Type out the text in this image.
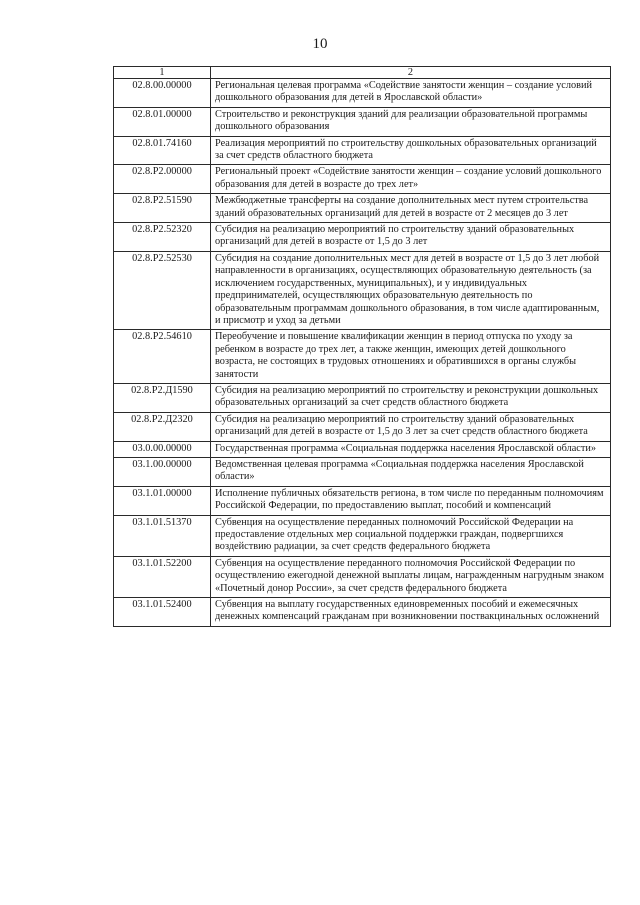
10
1	2
02.8.00.00000	Региональная целевая программа «Содействие занятости женщин – создание условий дошкольного образования для детей в Ярославской области»
02.8.01.00000	Строительство и реконструкция зданий для реализации образовательной программы дошкольного образования
02.8.01.74160	Реализация мероприятий по строительству дошкольных образовательных организаций за счет средств областного бюджета
02.8.P2.00000	Региональный проект «Содействие занятости женщин – создание условий дошкольного образования для детей в возрасте до трех лет»
02.8.P2.51590	Межбюджетные трансферты на создание дополнительных мест путем строительства зданий образовательных организаций для детей в возрасте от 2 месяцев до 3 лет
02.8.P2.52320	Субсидия на реализацию мероприятий по строительству зданий образовательных организаций для детей в возрасте от 1,5 до 3 лет
02.8.P2.52530	Субсидия на создание дополнительных мест для детей в возрасте от 1,5 до 3 лет любой направленности в организациях, осуществляющих образовательную деятельность (за исключением государственных, муниципальных), и у индивидуальных предпринимателей, осуществляющих образовательную деятельность по образовательным программам дошкольного образования, в том числе адаптированным, и присмотр и уход за детьми
02.8.P2.54610	Переобучение и повышение квалификации женщин в период отпуска по уходу за ребенком в возрасте до трех лет, а также женщин, имеющих детей дошкольного возраста, не состоящих в трудовых отношениях и обратившихся в органы службы занятости
02.8.P2.Д1590	Субсидия на реализацию мероприятий по строительству и реконструкции дошкольных образовательных организаций за счет средств областного бюджета
02.8.P2.Д2320	Субсидия на реализацию мероприятий по строительству зданий образовательных организаций для детей в возрасте от 1,5 до 3 лет за счет средств областного бюджета
03.0.00.00000	Государственная программа «Социальная поддержка населения Ярославской области»
03.1.00.00000	Ведомственная целевая программа «Социальная поддержка населения Ярославской области»
03.1.01.00000	Исполнение публичных обязательств региона, в том числе по переданным полномочиям Российской Федерации, по предоставлению выплат, пособий и компенсаций
03.1.01.51370	Субвенция на осуществление переданных полномочий Российской Федерации на предоставление отдельных мер социальной поддержки граждан, подвергшихся воздействию радиации, за счет средств федерального бюджета
03.1.01.52200	Субвенция на осуществление переданного полномочия Российской Федерации по осуществлению ежегодной денежной выплаты лицам, награжденным нагрудным знаком «Почетный донор России», за счет средств федерального бюджета
03.1.01.52400	Субвенция на выплату государственных единовременных пособий и ежемесячных денежных компенсаций гражданам при возникновении поствакцинальных осложнений
